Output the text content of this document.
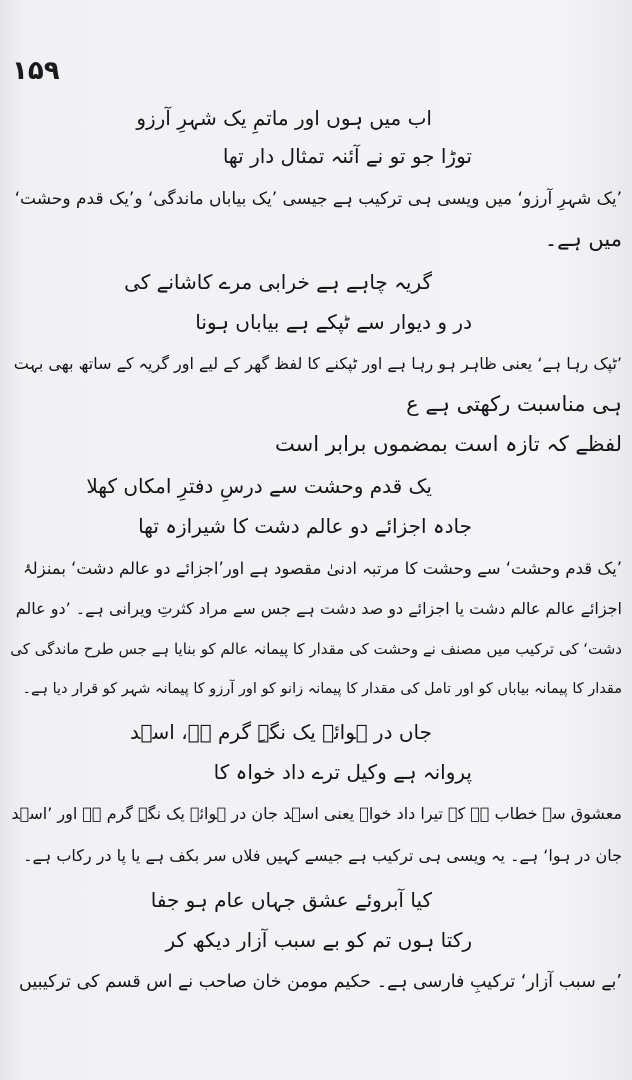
۱۵۹
اب میں ہوں اور ماتمِ یک شہرِ آرزو
توڑا جو تو نے آئنہ تمثال دار تھا
’یک شہرِ آرزو‘ میں ویسی ہی ترکیب ہے جیسی ’یک بیاباں ماندگی‘ و’یک قدم وحشت‘
میں ہے۔
گریہ چاہے ہے خرابی مرے کاشانے کی
در و دیوار سے ٹپکے ہے بیاباں ہونا
’ٹپک رہا ہے‘ یعنی ظاہر ہو رہا ہے اور ٹپکنے کا لفظ گھر کے لیے اور گریہ کے ساتھ بھی بہت
ہی مناسبت رکھتی ہے ع
لفظے کہ تازہ است بمضموں برابر است
یک قدم وحشت سے درسِ دفترِ امکاں کھلا
جادہ اجزائے دو عالم دشت کا شیرازہ تھا
’یک قدم وحشت‘ سے وحشت کا مرتبہ ادنیٰ مقصود ہے اور’اجزائے دو عالم دشت‘ بمنزلۂ
اجزائے عالم عالم دشت یا اجزائے دو صد دشت ہے جس سے مراد کثرتِ ویرانی ہے۔ ’دو عالم
دشت‘ کی ترکیب میں مصنف نے وحشت کی مقدار کا پیمانہ عالم کو بنایا ہے جس طرح ماندگی کی
مقدار کا پیمانہ بیاباں کو اور تامل کی مقدار کا پیمانہ زانو کو اور آرزو کا پیمانہ شہر کو قرار دیا ہے۔
جاں در ہوائے یک نگہِ گرم ہے، اسؔد
پروانہ ہے وکیل ترے داد خواہ کا
معشوق سے خطاب ہے کہ تیرا داد خواہ یعنی اسؔد جان در ہوائے یک نگہِ گرم ہے اور ’اسؔد
جان در ہوا‘ ہے۔ یہ ویسی ہی ترکیب ہے جیسے کہیں فلاں سر بکف ہے یا پا در رکاب ہے۔
کیا آبروئے عشق جہاں عام ہو جفا
رکتا ہوں تم کو بے سبب آزار دیکھ کر
’بے سبب آزار‘ ترکیبِ فارسی ہے۔ حکیم مومن خان صاحب نے اس قسم کی ترکیبیں
